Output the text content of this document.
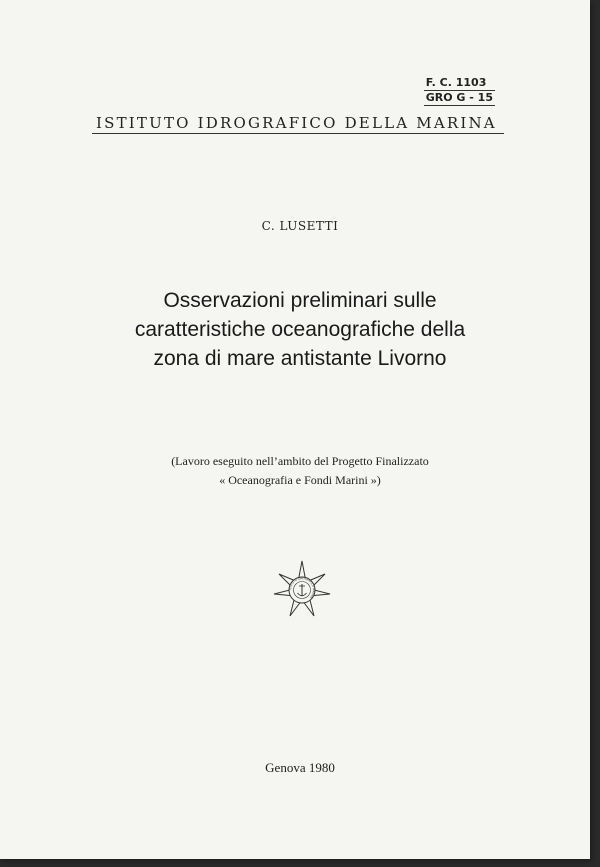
F. C. 1103
GRO G - 15
ISTITUTO IDROGRAFICO DELLA MARINA
C. LUSETTI
Osservazioni preliminari sulle
caratteristiche oceanografiche della
zona di mare antistante Livorno
(Lavoro eseguito nell’ambito del Progetto Finalizzato
« Oceanografia e Fondi Marini »)
ISTITUTO IDROGRAFICO MARINA
Genova 1980
